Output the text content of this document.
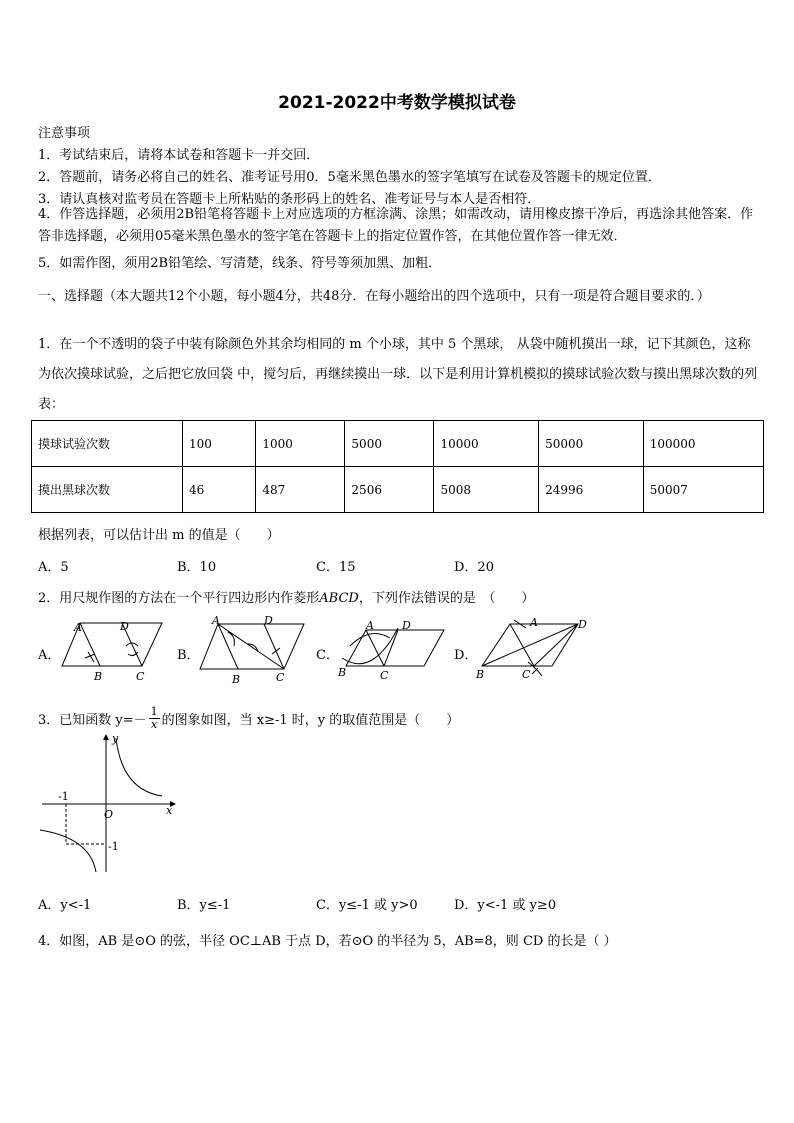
2021-2022中考数学模拟试卷
注意事项
1．考试结束后，请将本试卷和答题卡一并交回．
2．答题前，请务必将自己的姓名、准考证号用0．5毫米黑色墨水的签字笔填写在试卷及答题卡的规定位置．
3．请认真核对监考员在答题卡上所粘贴的条形码上的姓名、准考证号与本人是否相符．
4．作答选择题，必须用2B铅笔将答题卡上对应选项的方框涂满、涂黑；如需改动，请用橡皮擦干净后，再选涂其他答案．作答非选择题，必须用05毫米黑色墨水的签字笔在答题卡上的指定位置作答，在其他位置作答一律无效．
5．如需作图，须用2B铅笔绘、写清楚，线条、符号等须加黑、加粗．
一、选择题（本大题共12个小题，每小题4分，共48分．在每小题给出的四个选项中，只有一项是符合题目要求的．）
1．在一个不透明的袋子中装有除颜色外其余均相同的 m 个小球，其中 5 个黑球， 从袋中随机摸出一球，记下其颜色，这称为依次摸球试验，之后把它放回袋 中，搅匀后，再继续摸出一球．以下是利用计算机模拟的摸球试验次数与摸出黑球次数的列表：
摸球试验次数	100	1000	5000	10000	50000	100000
摸出黑球次数	46	487	2506	5008	24996	50007
根据列表，可以估计出 m 的值是（　　）
A．5	B．10	C．15	D．20
2．用尺规作图的方法在一个平行四边形内作菱形ABCD，下列作法错误的是　（　　）
A．
A	D
B	C
B．
A	D
B	C
C．
A	D
B	C
D．
A	D
B	C
3．已知函数 $y=- \frac{1}{x}$ 的图象如图，当 x≥-1 时，y 的取值范围是（　　）
y
x
O
-1
-1
A．y<-1	B．y≤-1	C．y≤-1 或 y>0	D．y<-1 或 y≥0
4．如图，AB 是⊙O 的弦，半径 OC⊥AB 于点 D，若⊙O 的半径为 5，AB=8，则 CD 的长是（ ）
